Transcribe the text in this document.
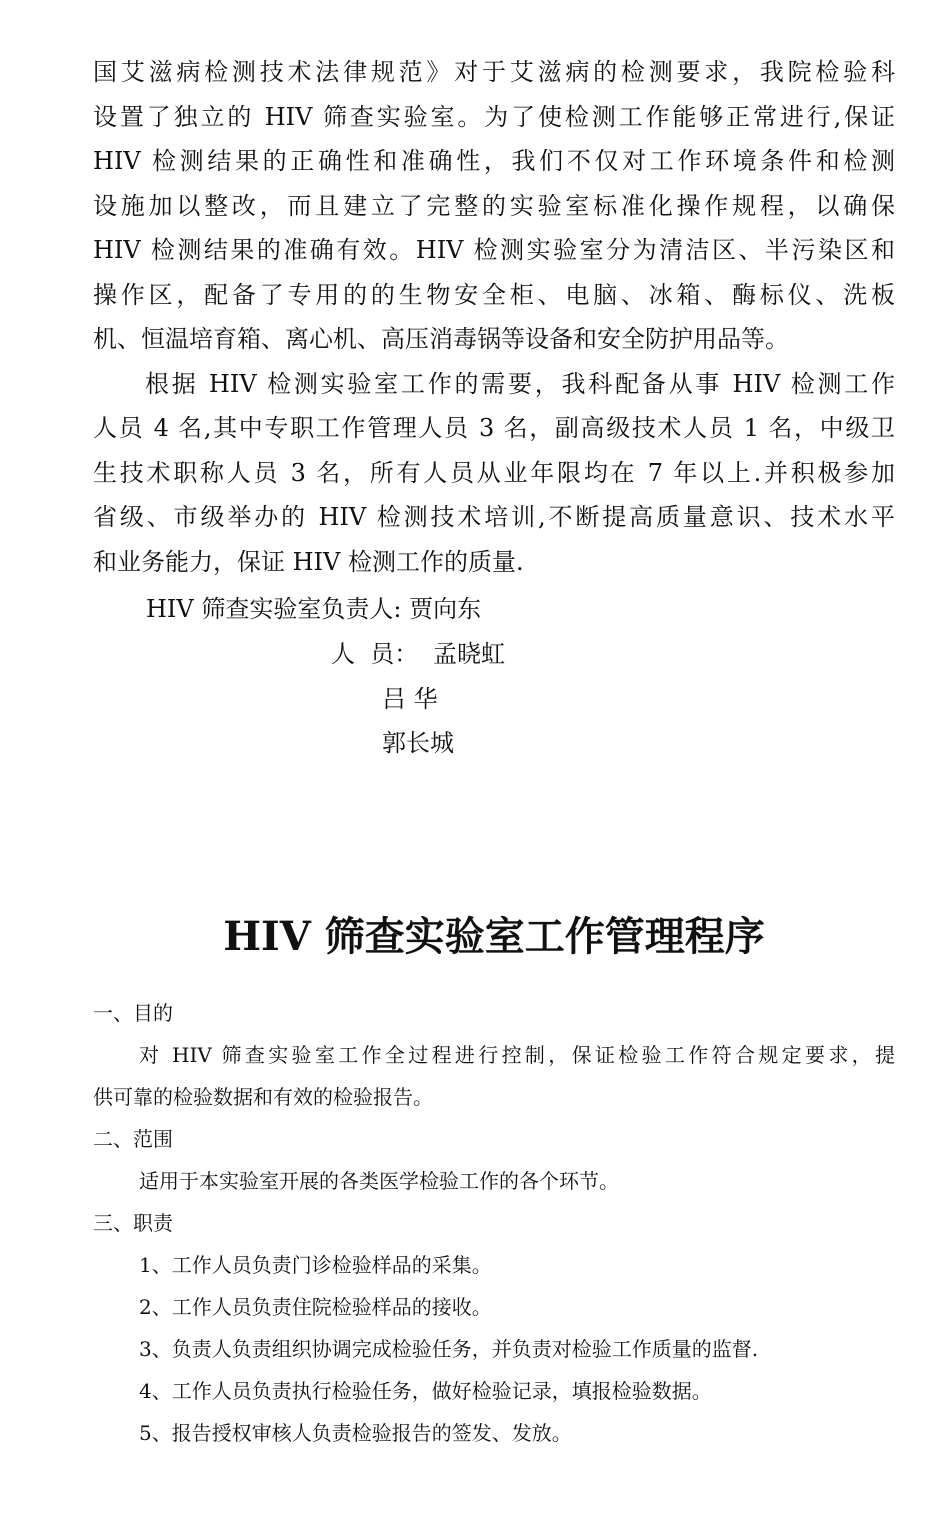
国艾滋病检测技术法律规范》对于艾滋病的检测要求，我院检验科
设置了独立的 HIV 筛查实验室。为了使检测工作能够正常进行,保证
HIV 检测结果的正确性和准确性，我们不仅对工作环境条件和检测
设施加以整改，而且建立了完整的实验室标准化操作规程，以确保
HIV 检测结果的准确有效。HIV 检测实验室分为清洁区、半污染区和
操作区，配备了专用的的生物安全柜、电脑、冰箱、酶标仪、洗板
机、恒温培育箱、离心机、高压消毒锅等设备和安全防护用品等。
根据 HIV 检测实验室工作的需要，我科配备从事 HIV 检测工作
人员 4 名,其中专职工作管理人员 3 名，副高级技术人员 1 名，中级卫
生技术职称人员 3 名，所有人员从业年限均在 7 年以上.并积极参加
省级、市级举办的 HIV 检测技术培训,不断提高质量意识、技术水平
和业务能力，保证 HIV 检测工作的质量.
HIV 筛查实验室负责人: 贾向东
人  员： 孟晓虹
吕 华
郭长城
HIV 筛查实验室工作管理程序
一、目的
对 HIV 筛查实验室工作全过程进行控制，保证检验工作符合规定要求，提
供可靠的检验数据和有效的检验报告。
二、范围
适用于本实验室开展的各类医学检验工作的各个环节。
三、职责
1、工作人员负责门诊检验样品的采集。
2、工作人员负责住院检验样品的接收。
3、负责人负责组织协调完成检验任务，并负责对检验工作质量的监督.
4、工作人员负责执行检验任务，做好检验记录，填报检验数据。
5、报告授权审核人负责检验报告的签发、发放。
